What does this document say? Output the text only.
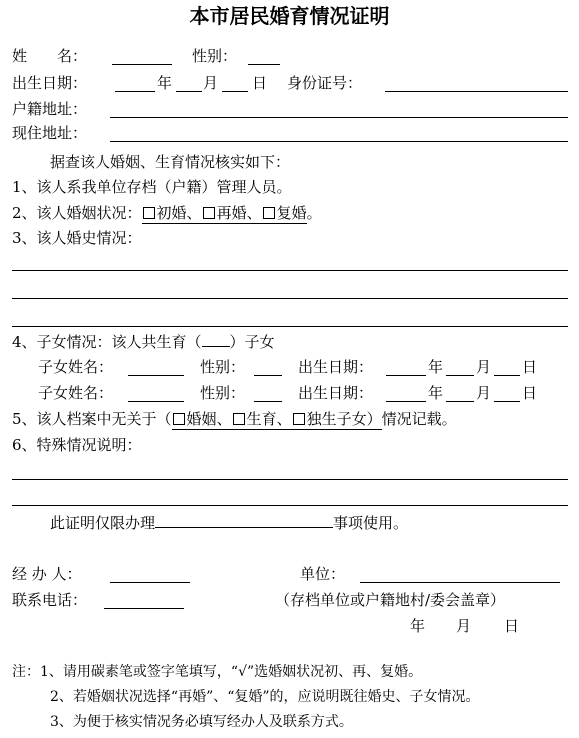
本市居民婚育情况证明
姓　　名：	性别：
出生日期：	年 月 日 身份证号：
户籍地址：
现住地址：
据查该人婚姻、生育情况核实如下：
1、该人系我单位存档（户籍）管理人员。
2、该人婚姻状况： 初婚、 再婚、 复婚。
3、该人婚史情况：
4、子女情况：该人共生育（ ）子女
子女姓名：	性别：	出生日期：	年 月 日
子女姓名：	性别：	出生日期：	年 月 日
5、该人档案中无关于（ 婚姻、 生育、 独生子女）情况记载。
6、特殊情况说明：
此证明仅限办理	事项使用。
经 办 人：	单位：
联系电话：	（存档单位或户籍地村/委会盖章）
年 月 日
注：1、请用碳素笔或签字笔填写，“√”选婚姻状况初、再、复婚。
2、若婚姻状况选择“再婚”、“复婚”的，应说明既往婚史、子女情况。
3、为便于核实情况务必填写经办人及联系方式。
